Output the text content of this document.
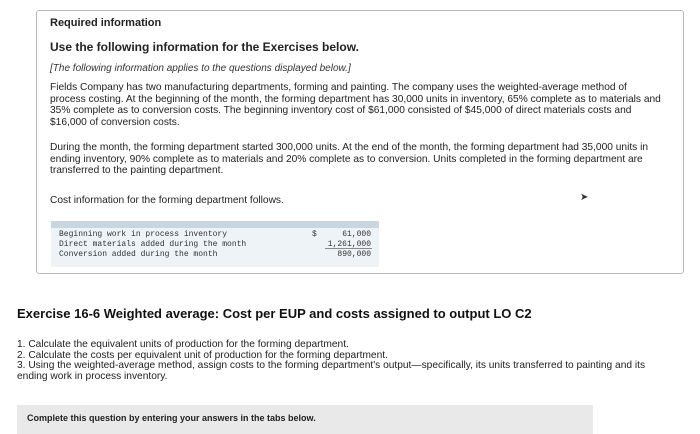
Required information

Use the following information for the Exercises below.

[The following information applies to the questions displayed below.]

Fields Company has two manufacturing departments, forming and painting. The company uses the weighted-average method of process costing. At the beginning of the month, the forming department has 30,000 units in inventory, 65% complete as to materials and 35% complete as to conversion costs. The beginning inventory cost of $61,000 consisted of $45,000 of direct materials costs and $16,000 of conversion costs.

During the month, the forming department started 300,000 units. At the end of the month, the forming department had 35,000 units in ending inventory, 90% complete as to materials and 20% complete as to conversion. Units completed in the forming department are transferred to the painting department.

Cost information for the forming department follows.

Beginning work in process inventory	$	61,000
Direct materials added during the month	1,261,000
Conversion added during the month	890,000
➤

Exercise 16-6 Weighted average: Cost per EUP and costs assigned to output LO C2

1. Calculate the equivalent units of production for the forming department.
2. Calculate the costs per equivalent unit of production for the forming department.
3. Using the weighted-average method, assign costs to the forming department's output—specifically, its units transferred to painting and its ending work in process inventory.
Complete this question by entering your answers in the tabs below.
